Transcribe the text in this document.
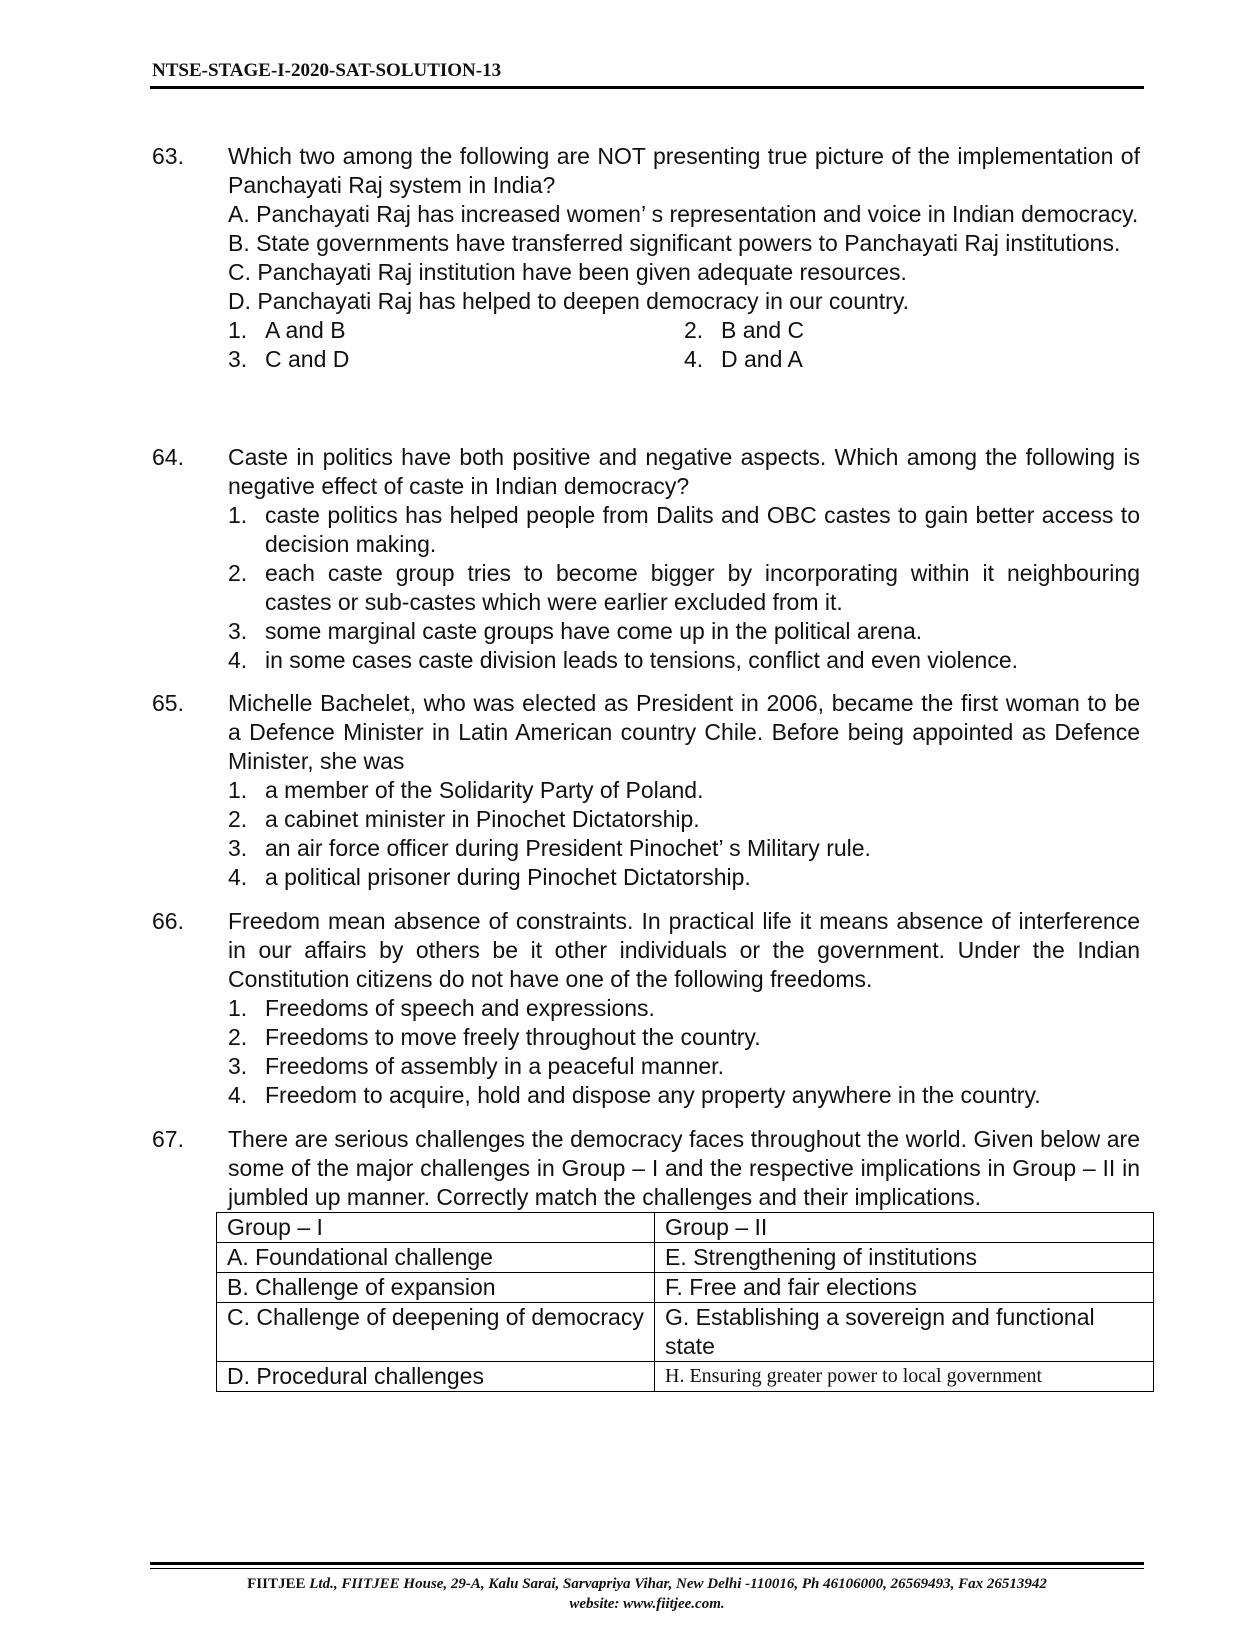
NTSE-STAGE-I-2020-SAT-SOLUTION-13
63.	Which two among the following are NOT presenting true picture of the implementation of Panchayati Raj system in India?
A. Panchayati Raj has increased women’ s representation and voice in Indian democracy.
B. State governments have transferred significant powers to Panchayati Raj institutions.
C. Panchayati Raj institution have been given adequate resources.
D. Panchayati Raj has helped to deepen democracy in our country.
1. A and B	2. B and C
3. C and D	4. D and A
64.	Caste in politics have both positive and negative aspects. Which among the following is negative effect of caste in Indian democracy?
1. caste politics has helped people from Dalits and OBC castes to gain better access to decision making.
2. each caste group tries to become bigger by incorporating within it neighbouring castes or sub-castes which were earlier excluded from it.
3. some marginal caste groups have come up in the political arena.
4. in some cases caste division leads to tensions, conflict and even violence.
65.	Michelle Bachelet, who was elected as President in 2006, became the first woman to be a Defence Minister in Latin American country Chile. Before being appointed as Defence Minister, she was
1. a member of the Solidarity Party of Poland.
2. a cabinet minister in Pinochet Dictatorship.
3. an air force officer during President Pinochet’ s Military rule.
4. a political prisoner during Pinochet Dictatorship.
66.	Freedom mean absence of constraints. In practical life it means absence of interference in our affairs by others be it other individuals or the government. Under the Indian Constitution citizens do not have one of the following freedoms.
1. Freedoms of speech and expressions.
2. Freedoms to move freely throughout the country.
3. Freedoms of assembly in a peaceful manner.
4. Freedom to acquire, hold and dispose any property anywhere in the country.
67.	There are serious challenges the democracy faces throughout the world. Given below are some of the major challenges in Group – I and the respective implications in Group – II in jumbled up manner. Correctly match the challenges and their implications.
Group – I	Group – II
A. Foundational challenge	E. Strengthening of institutions
B. Challenge of expansion	F. Free and fair elections
C. Challenge of deepening of democracy	G. Establishing a sovereign and functional state
D. Procedural challenges	H. Ensuring greater power to local government
FIITJEE Ltd., FIITJEE House, 29-A, Kalu Sarai, Sarvapriya Vihar, New Delhi -110016, Ph 46106000, 26569493, Fax 26513942
website: www.fiitjee.com.
